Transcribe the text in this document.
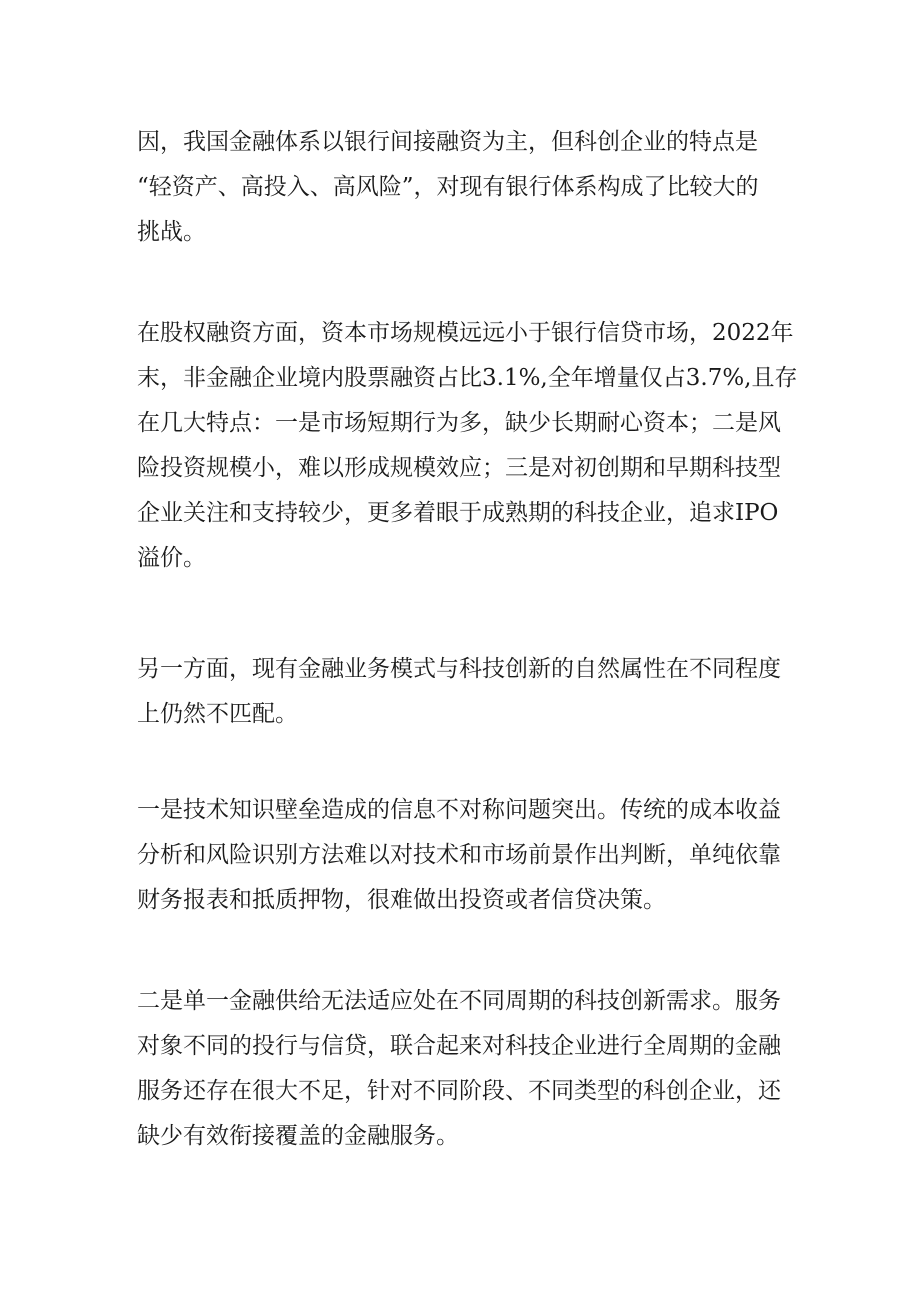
因，我国金融体系以银行间接融资为主，但科创企业的特点是
“轻资产、高投入、高风险”，对现有银行体系构成了比较大的
挑战。

在股权融资方面，资本市场规模远远小于银行信贷市场，2022年
末，非金融企业境内股票融资占比3.1%,全年增量仅占3.7%,且存
在几大特点：一是市场短期行为多，缺少长期耐心资本；二是风
险投资规模小，难以形成规模效应；三是对初创期和早期科技型
企业关注和支持较少，更多着眼于成熟期的科技企业，追求IPO
溢价。

另一方面，现有金融业务模式与科技创新的自然属性在不同程度
上仍然不匹配。

一是技术知识壁垒造成的信息不对称问题突出。传统的成本收益
分析和风险识别方法难以对技术和市场前景作出判断，单纯依靠
财务报表和抵质押物，很难做出投资或者信贷决策。

二是单一金融供给无法适应处在不同周期的科技创新需求。服务
对象不同的投行与信贷，联合起来对科技企业进行全周期的金融
服务还存在很大不足，针对不同阶段、不同类型的科创企业，还
缺少有效衔接覆盖的金融服务。
